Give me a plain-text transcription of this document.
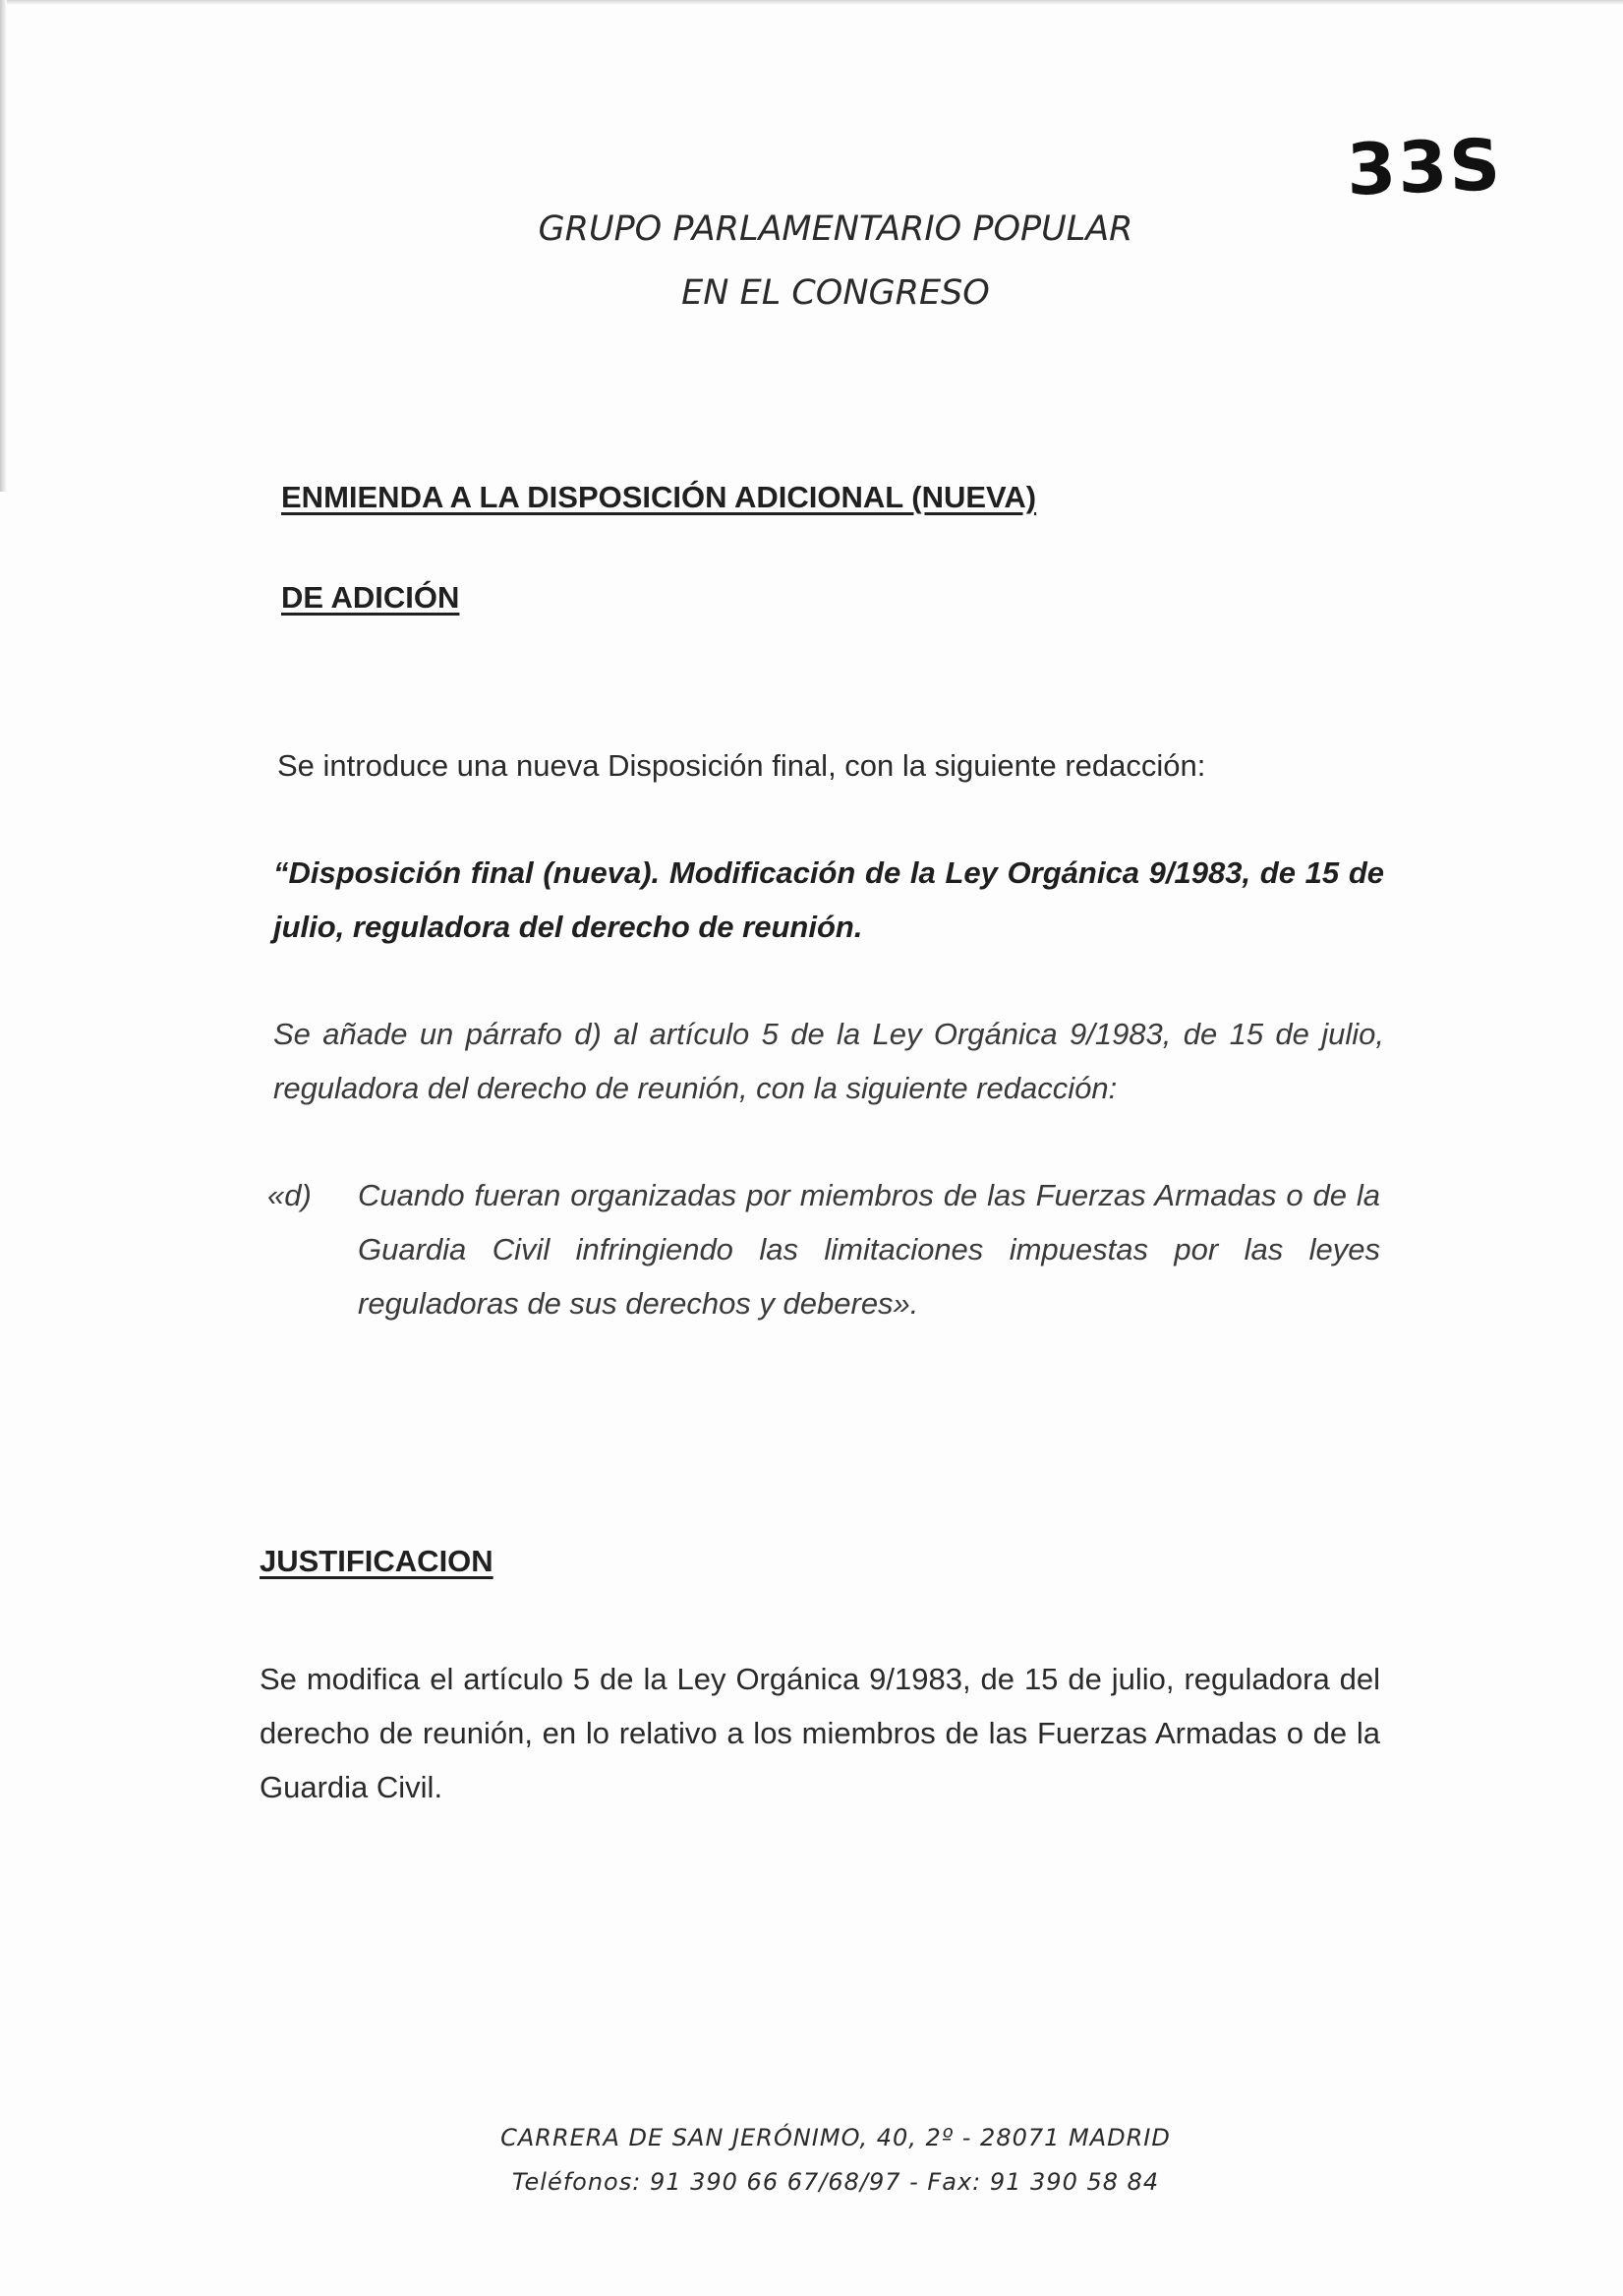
33S
GRUPO PARLAMENTARIO POPULAR
EN EL CONGRESO
ENMIENDA A LA DISPOSICIÓN ADICIONAL (NUEVA)
DE ADICIÓN

Se introduce una nueva Disposición final, con la siguiente redacción:

“Disposición final (nueva). Modificación de la Ley Orgánica 9/1983, de 15 de julio, reguladora del derecho de reunión.

Se añade un párrafo d) al artículo 5 de la Ley Orgánica 9/1983, de 15 de julio, reguladora del derecho de reunión, con la siguiente redacción:

«d) Cuando fueran organizadas por miembros de las Fuerzas Armadas o de la Guardia Civil infringiendo las limitaciones impuestas por las leyes reguladoras de sus derechos y deberes».

JUSTIFICACION

Se modifica el artículo 5 de la Ley Orgánica 9/1983, de 15 de julio, reguladora del derecho de reunión, en lo relativo a los miembros de las Fuerzas Armadas o de la Guardia Civil.

CARRERA DE SAN JERÓNIMO, 40, 2º - 28071 MADRID
Teléfonos: 91 390 66 67/68/97 - Fax: 91 390 58 84
